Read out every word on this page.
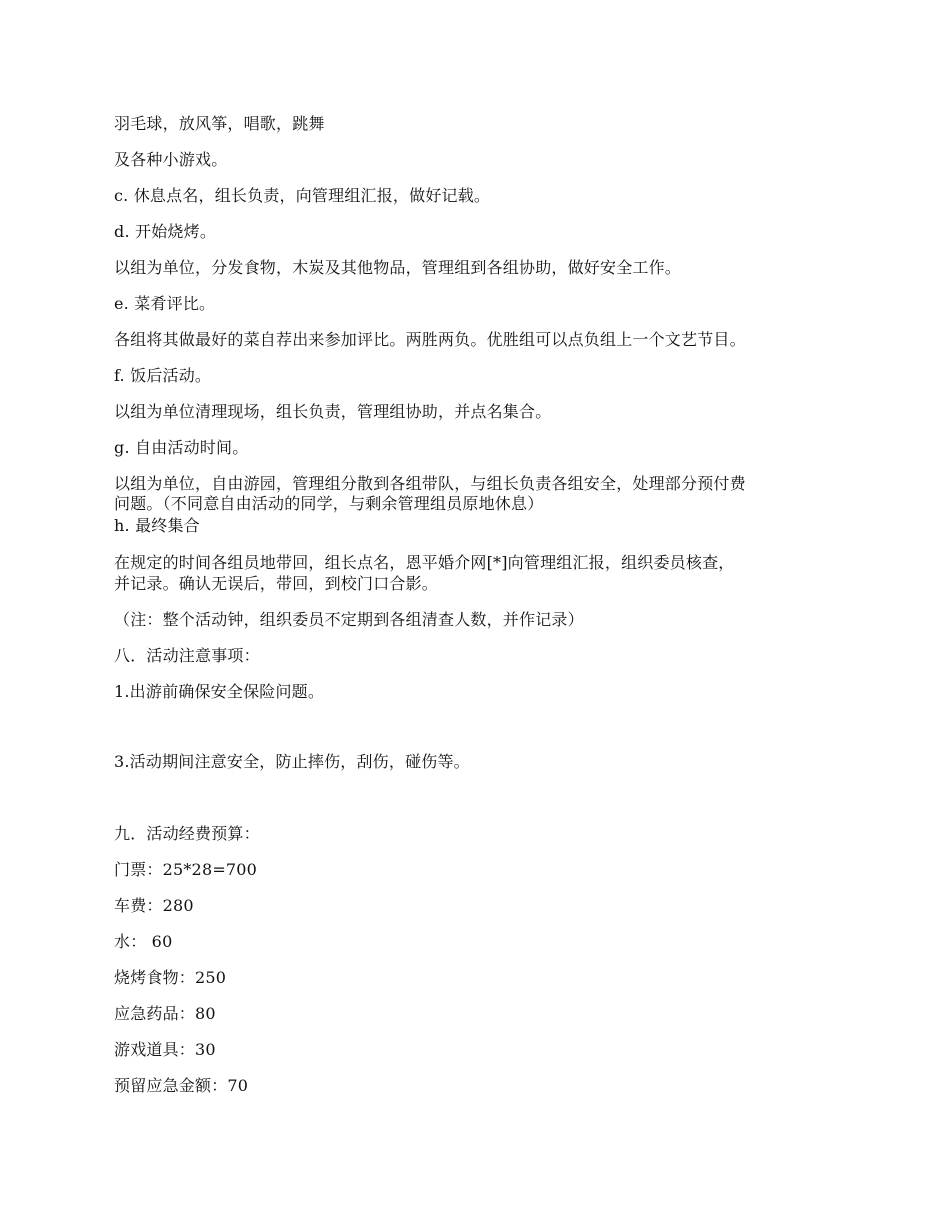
羽毛球，放风筝，唱歌，跳舞
及各种小游戏。
c. 休息点名，组长负责，向管理组汇报，做好记载。
d. 开始烧烤。
以组为单位，分发食物，木炭及其他物品，管理组到各组协助，做好安全工作。
e. 菜肴评比。
各组将其做最好的菜自荐出来参加评比。两胜两负。优胜组可以点负组上一个文艺节目。
f. 饭后活动。
以组为单位清理现场，组长负责，管理组协助，并点名集合。
g. 自由活动时间。
以组为单位，自由游园，管理组分散到各组带队，与组长负责各组安全，处理部分预付费
问题。（不同意自由活动的同学，与剩余管理组员原地休息）
h. 最终集合
在规定的时间各组员地带回，组长点名，恩平婚介网[*]向管理组汇报，组织委员核查，
并记录。确认无误后，带回，到校门口合影。
（注：整个活动钟，组织委员不定期到各组清查人数，并作记录）
八．活动注意事项：
1.出游前确保安全保险问题。
3.活动期间注意安全，防止摔伤，刮伤，碰伤等。
九．活动经费预算：
门票：25*28=700
车费：280
水： 60
烧烤食物：250
应急药品：80
游戏道具：30
预留应急金额：70
